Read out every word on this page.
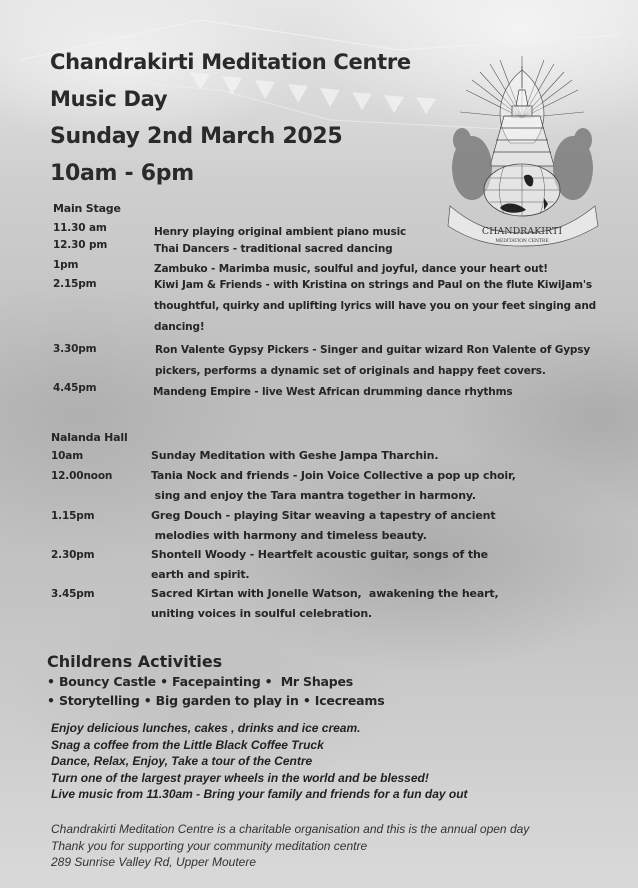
Chandrakirti Meditation Centre
Music Day
Sunday 2nd March 2025
10am - 6pm
CHANDRAKIRTI
MEDITATION CENTRE
Main Stage
11.30 am	Henry playing original ambient piano music
12.30 pm	Thai Dancers - traditional sacred dancing
1pm	Zambuko - Marimba music, soulful and joyful, dance your heart out!
2.15pm	Kiwi Jam & Friends - with Kristina on strings and Paul on the flute KiwiJam's
thoughtful, quirky and uplifting lyrics will have you on your feet singing and
dancing!
3.30pm	Ron Valente Gypsy Pickers - Singer and guitar wizard Ron Valente of Gypsy
pickers, performs a dynamic set of originals and happy feet covers.
4.45pm	Mandeng Empire - live West African drumming dance rhythms
Nalanda Hall
10am	Sunday Meditation with Geshe Jampa Tharchin.
12.00noon	Tania Nock and friends - Join Voice Collective a pop up choir,
sing and enjoy the Tara mantra together in harmony.
1.15pm	Greg Douch - playing Sitar weaving a tapestry of ancient
melodies with harmony and timeless beauty.
2.30pm	Shontell Woody - Heartfelt acoustic guitar, songs of the
earth and spirit.
3.45pm	Sacred Kirtan with Jonelle Watson,  awakening the heart,
uniting voices in soulful celebration.
Childrens Activities
• Bouncy Castle • Facepainting •  Mr Shapes
• Storytelling • Big garden to play in • Icecreams
Enjoy delicious lunches, cakes , drinks and ice cream.
Snag a coffee from the Little Black Coffee Truck
Dance, Relax, Enjoy, Take a tour of the Centre
Turn one of the largest prayer wheels in the world and be blessed!
Live music from 11.30am - Bring your family and friends for a fun day out
Chandrakirti Meditation Centre is a charitable organisation and this is the annual open day
Thank you for supporting your community meditation centre
289 Sunrise Valley Rd, Upper Moutere
